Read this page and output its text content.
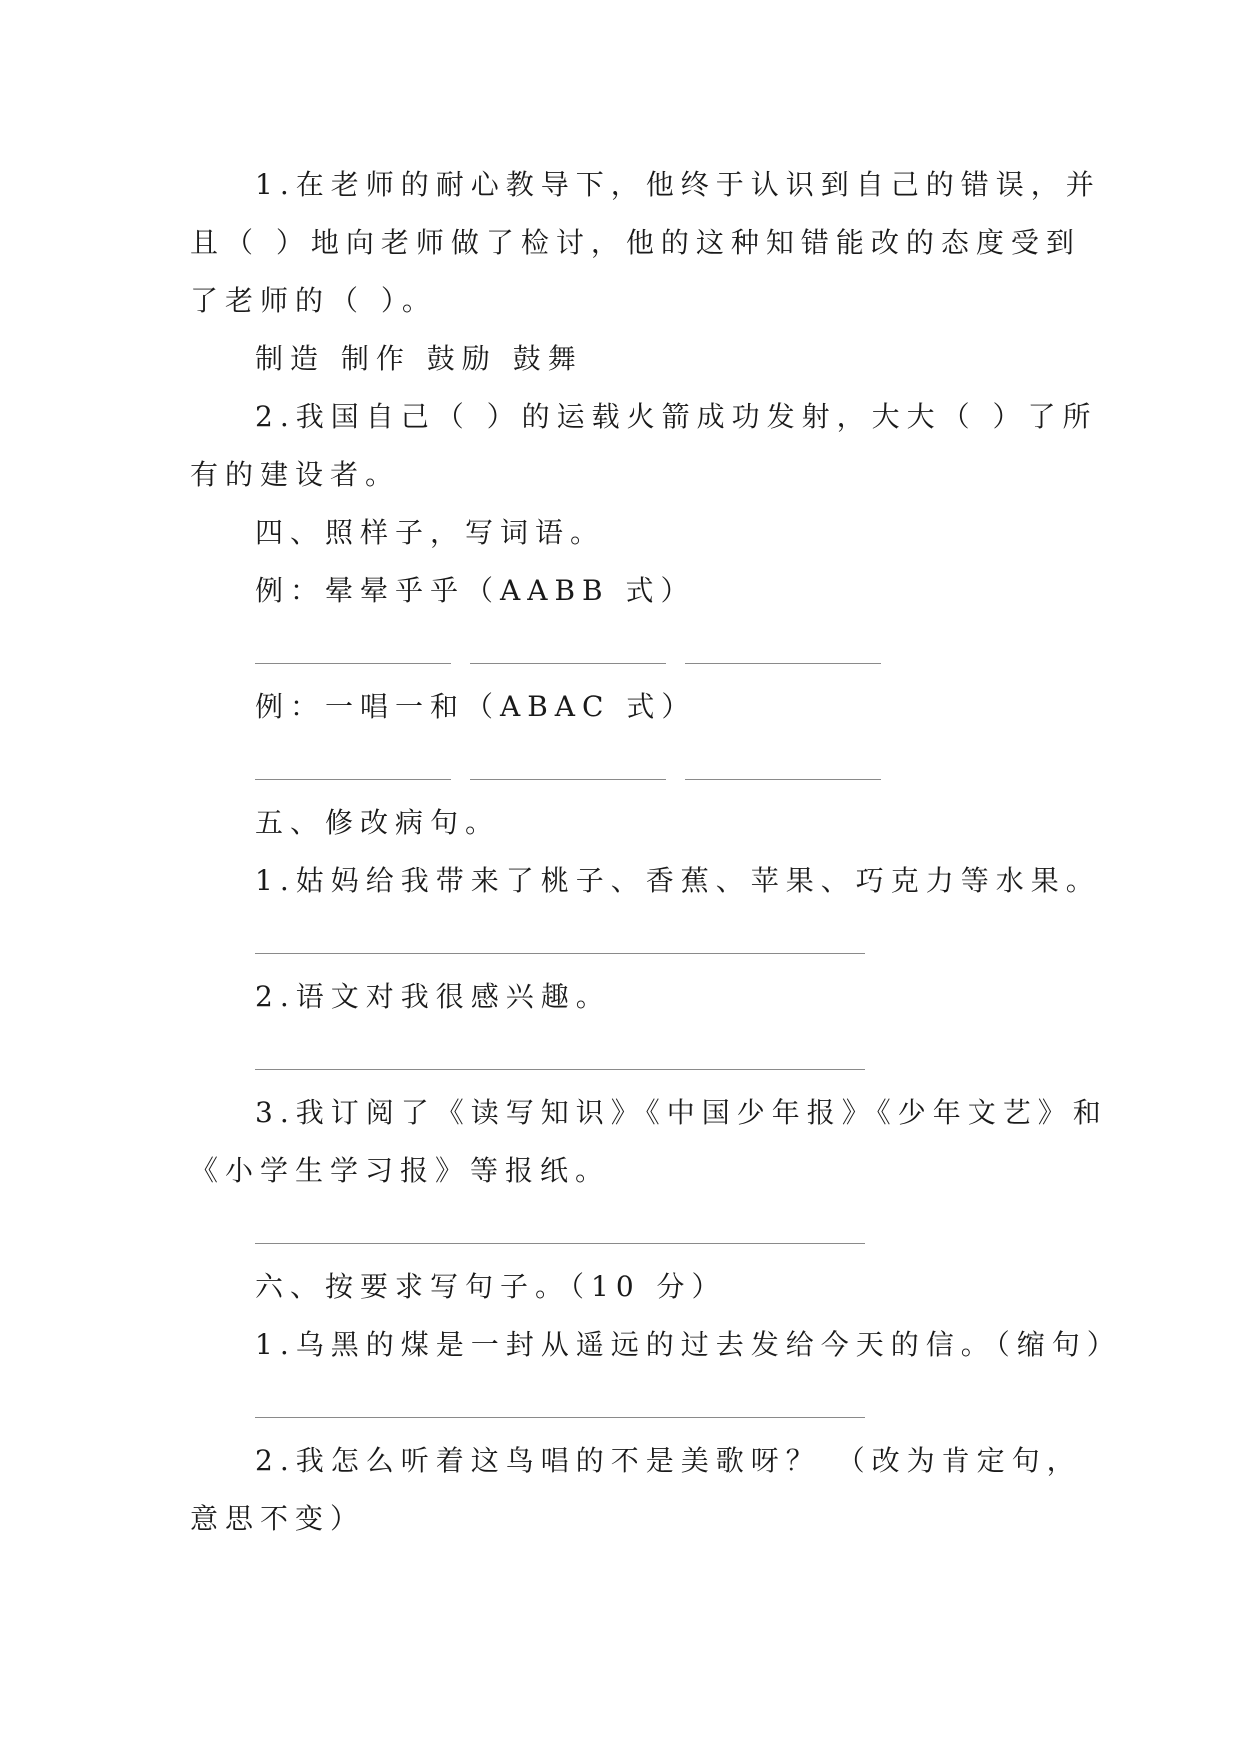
1.在老师的耐心教导下，他终于认识到自己的错误，并
且（ ）地向老师做了检讨，他的这种知错能改的态度受到
了老师的（ ）。
制造 制作 鼓励 鼓舞
2.我国自己（ ）的运载火箭成功发射，大大（ ）了所
有的建设者。
四、照样子，写词语。
例：晕晕乎乎（AABB 式）
例：一唱一和（ABAC 式）
五、修改病句。
1.姑妈给我带来了桃子、香蕉、苹果、巧克力等水果。
2.语文对我很感兴趣。
3.我订阅了《读写知识》《中国少年报》《少年文艺》和
《小学生学习报》等报纸。
六、按要求写句子。（10 分）
1.乌黑的煤是一封从遥远的过去发给今天的信。（缩句）
2.我怎么听着这鸟唱的不是美歌呀？ （改为肯定句，
意思不变）
